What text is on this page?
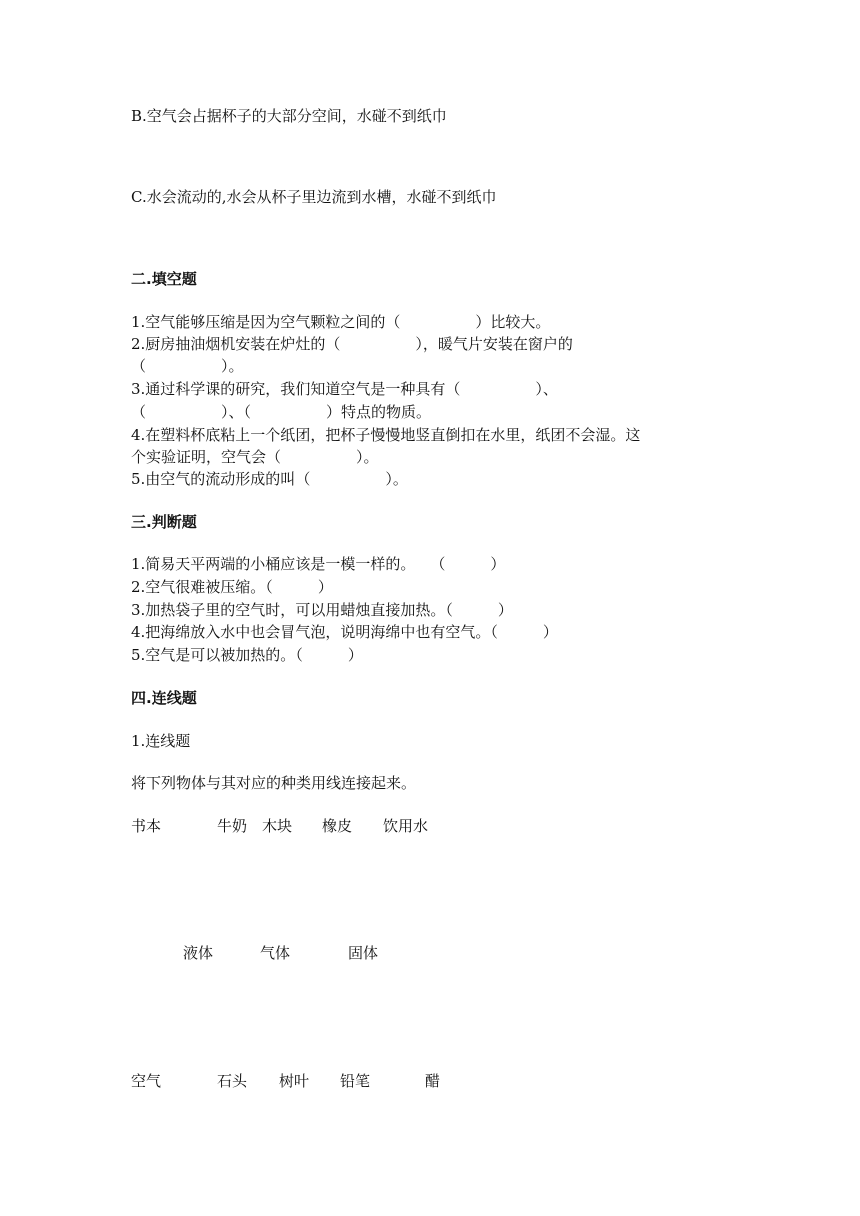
B.空气会占据杯子的大部分空间，水碰不到纸巾
C.水会流动的,水会从杯子里边流到水槽，水碰不到纸巾
二.填空题
1.空气能够压缩是因为空气颗粒之间的（　　　　　）比较大。
2.厨房抽油烟机安装在炉灶的（　　　　　），暖气片安装在窗户的
（　　　　　）。
3.通过科学课的研究，我们知道空气是一种具有（　　　　　）、
（　　　　　）、（　　　　　）特点的物质。
4.在塑料杯底粘上一个纸团，把杯子慢慢地竖直倒扣在水里，纸团不会湿。这
个实验证明，空气会（　　　　　）。
5.由空气的流动形成的叫（　　　　　）。
三.判断题
1.简易天平两端的小桶应该是一模一样的。　　（　　　）
2.空气很难被压缩。（　　　）
3.加热袋子里的空气时，可以用蜡烛直接加热。（　　　）
4.把海绵放入水中也会冒气泡，说明海绵中也有空气。（　　　）
5.空气是可以被加热的。（　　　）
四.连线题
1.连线题
将下列物体与其对应的种类用线连接起来。
书本	牛奶 木块 橡皮 饮用水
液体	气体	固体
空气	石头 树叶 铅笔	醋
